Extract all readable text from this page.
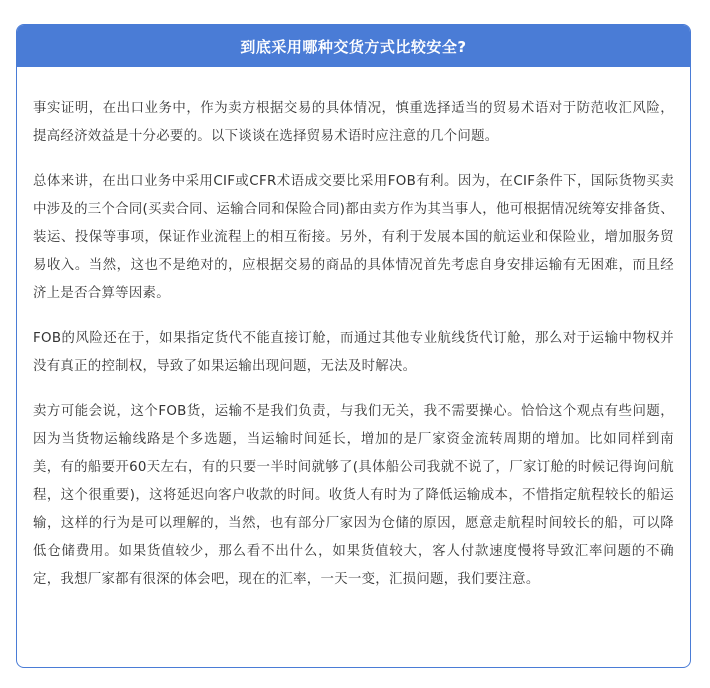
到底采用哪种交货方式比较安全?

事实证明，在出口业务中，作为卖方根据交易的具体情况，慎重选择适当的贸易术语对于防范收汇风险，提高经济效益是十分必要的。以下谈谈在选择贸易术语时应注意的几个问题。

总体来讲，在出口业务中采用CIF或CFR术语成交要比采用FOB有利。因为，在CIF条件下，国际货物买卖中涉及的三个合同(买卖合同、运输合同和保险合同)都由卖方作为其当事人，他可根据情况统筹安排备货、装运、投保等事项，保证作业流程上的相互衔接。另外，有利于发展本国的航运业和保险业，增加服务贸易收入。当然，这也不是绝对的，应根据交易的商品的具体情况首先考虑自身安排运输有无困难，而且经济上是否合算等因素。

FOB的风险还在于，如果指定货代不能直接订舱，而通过其他专业航线货代订舱，那么对于运输中物权并没有真正的控制权，导致了如果运输出现问题，无法及时解决。

卖方可能会说，这个FOB货，运输不是我们负责，与我们无关，我不需要操心。恰恰这个观点有些问题，因为当货物运输线路是个多选题，当运输时间延长，增加的是厂家资金流转周期的增加。比如同样到南美，有的船要开60天左右，有的只要一半时间就够了(具体船公司我就不说了，厂家订舱的时候记得询问航程，这个很重要)，这将延迟向客户收款的时间。收货人有时为了降低运输成本，不惜指定航程较长的船运输，这样的行为是可以理解的，当然，也有部分厂家因为仓储的原因，愿意走航程时间较长的船，可以降低仓储费用。如果货值较少，那么看不出什么，如果货值较大，客人付款速度慢将导致汇率问题的不确定，我想厂家都有很深的体会吧，现在的汇率，一天一变，汇损问题，我们要注意。
